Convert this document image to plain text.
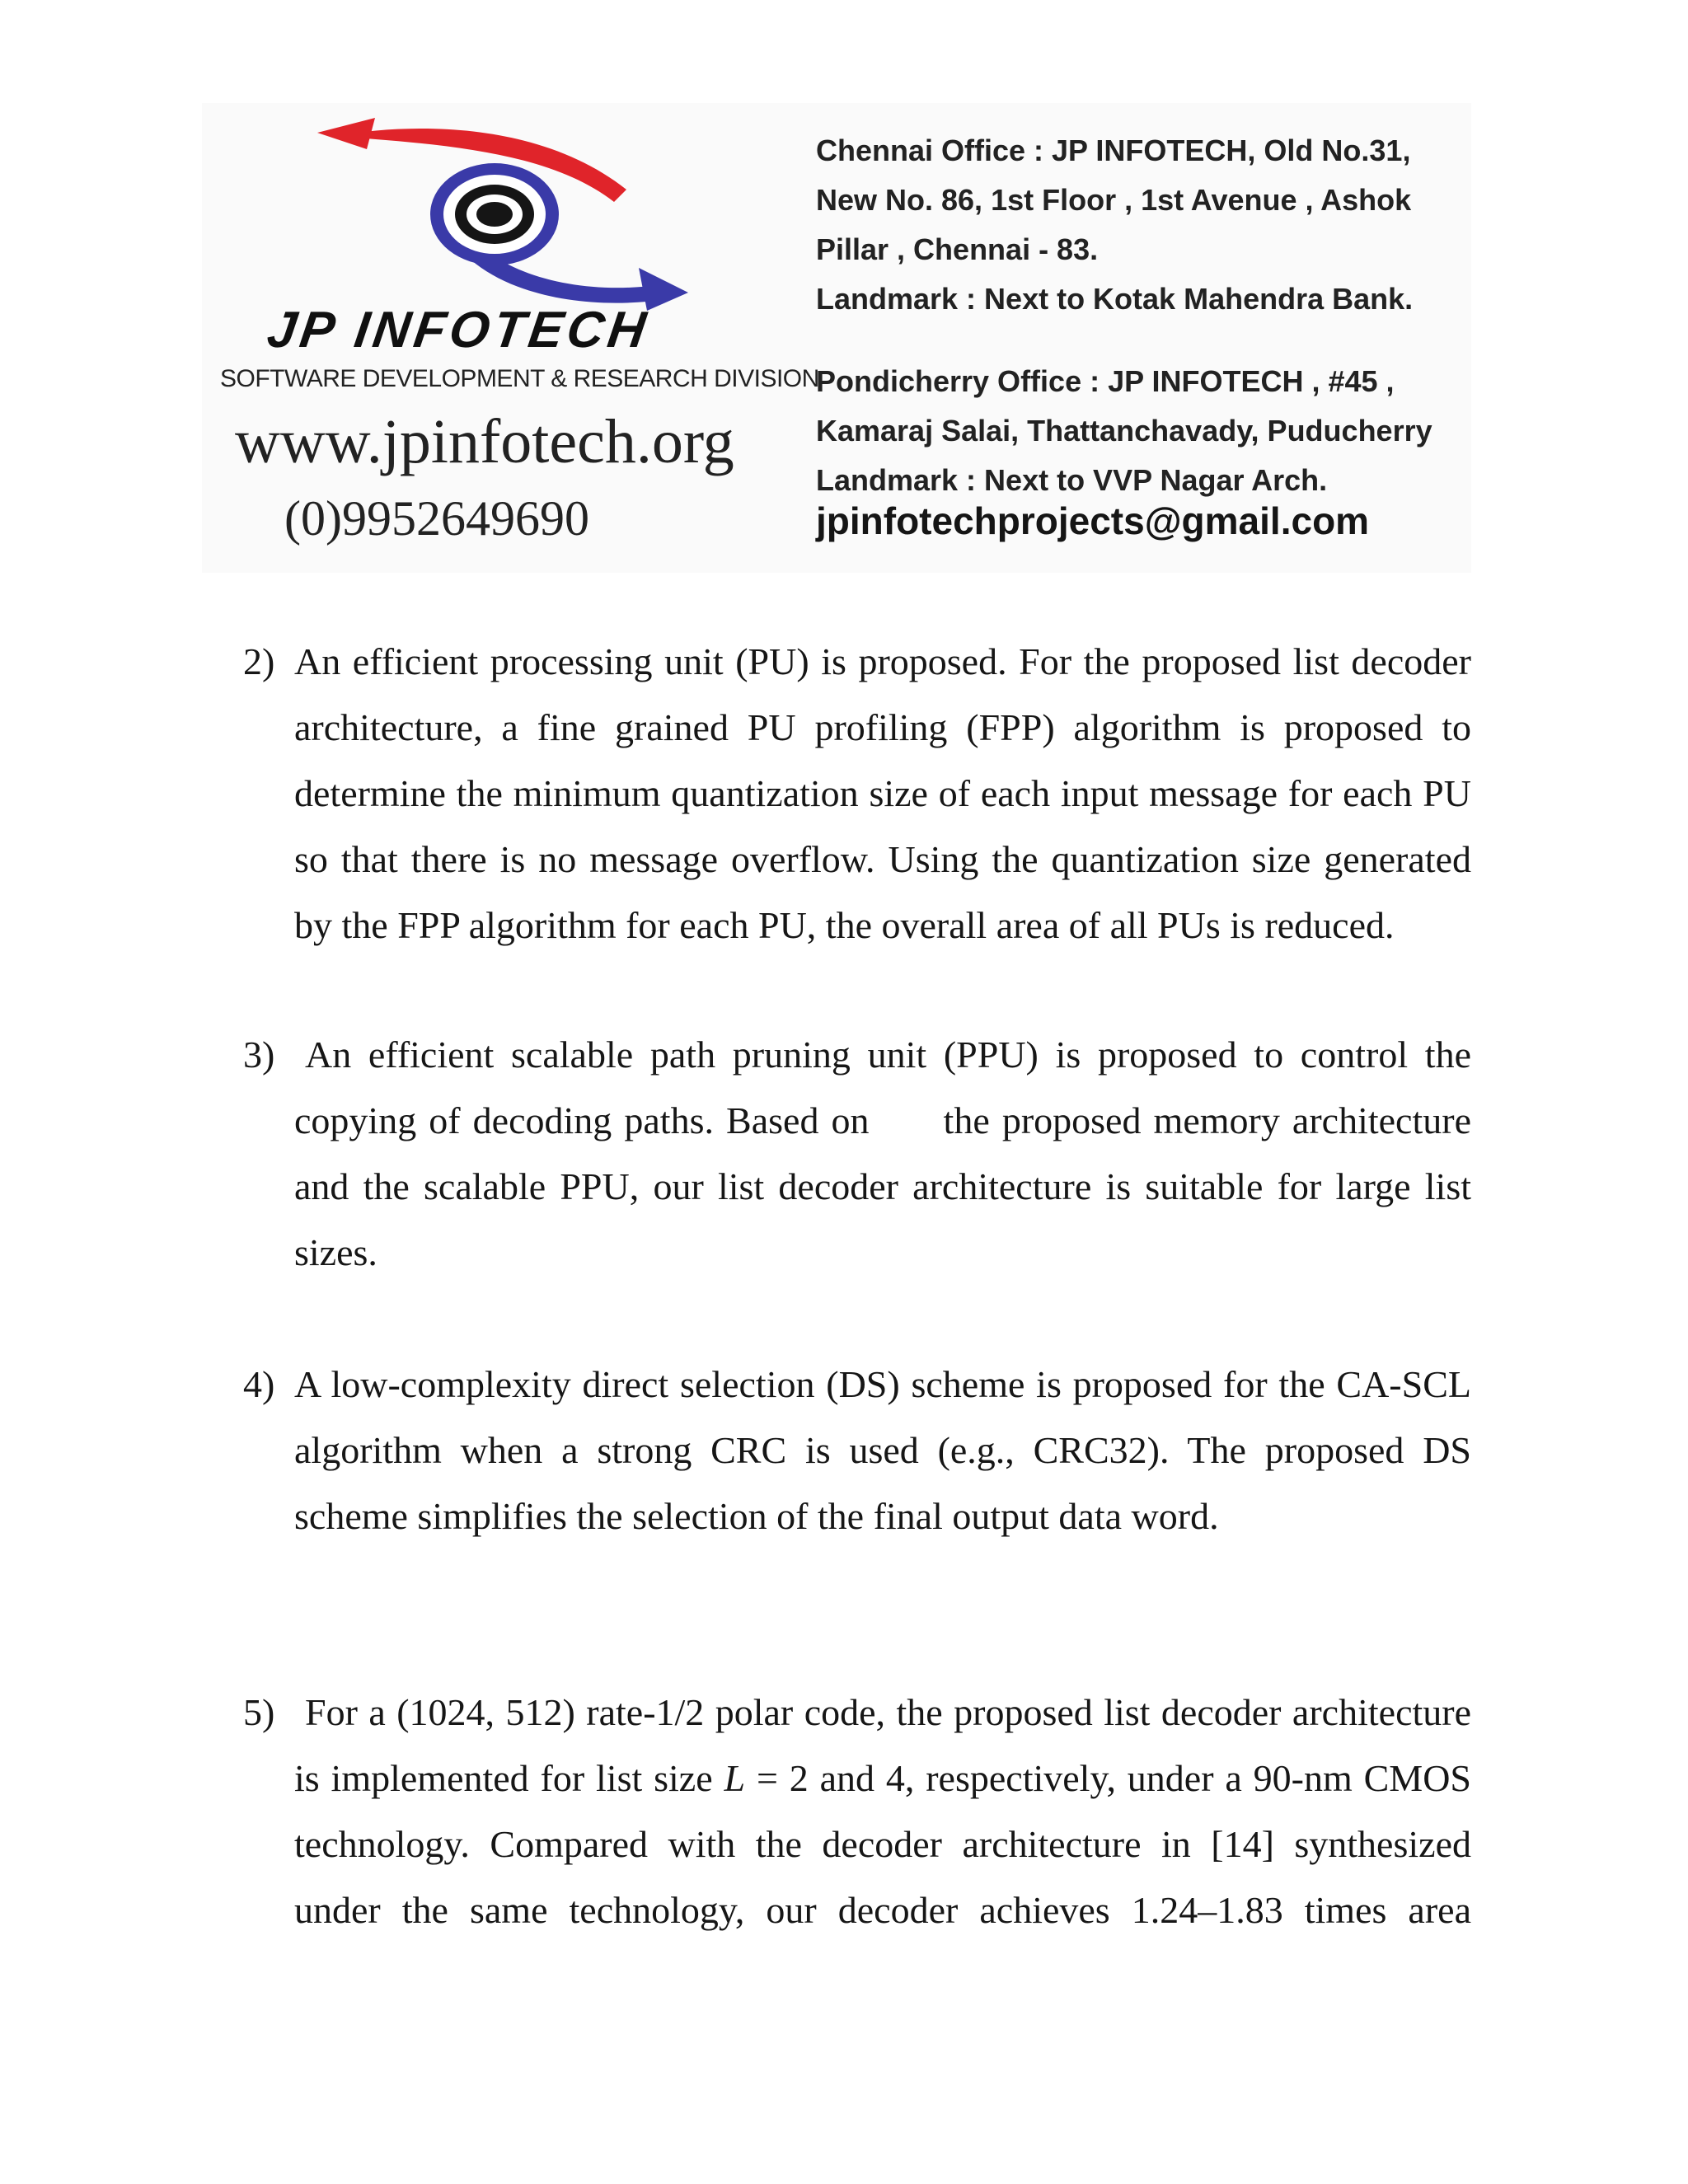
JP INFOTECH
SOFTWARE DEVELOPMENT & RESEARCH DIVISION
www.jpinfotech.org
(0)9952649690
Chennai Office : JP INFOTECH, Old No.31,
New No. 86, 1st Floor , 1st Avenue , Ashok
Pillar , Chennai - 83.
Landmark : Next to Kotak Mahendra Bank.
Pondicherry Office : JP INFOTECH , #45 ,
Kamaraj Salai, Thattanchavady, Puducherry
Landmark : Next to VVP Nagar Arch.
jpinfotechprojects@gmail.com
2) An efficient processing unit (PU) is proposed. For the proposed list decoder
architecture, a fine grained PU profiling (FPP) algorithm is proposed to
determine the minimum quantization size of each input message for each PU
so that there is no message overflow. Using the quantization size generated
by the FPP algorithm for each PU, the overall area of all PUs is reduced.
3) An efficient scalable path pruning unit (PPU) is proposed to control the
copying of decoding paths. Based on the proposed memory architecture
and the scalable PPU, our list decoder architecture is suitable for large list
sizes.
4) A low-complexity direct selection (DS) scheme is proposed for the CA-SCL
algorithm when a strong CRC is used (e.g., CRC32). The proposed DS
scheme simplifies the selection of the final output data word.
5) For a (1024, 512) rate-1/2 polar code, the proposed list decoder architecture
is implemented for list size L = 2 and 4, respectively, under a 90-nm CMOS
technology. Compared with the decoder architecture in [14] synthesized
under the same technology, our decoder achieves 1.24–1.83 times area
